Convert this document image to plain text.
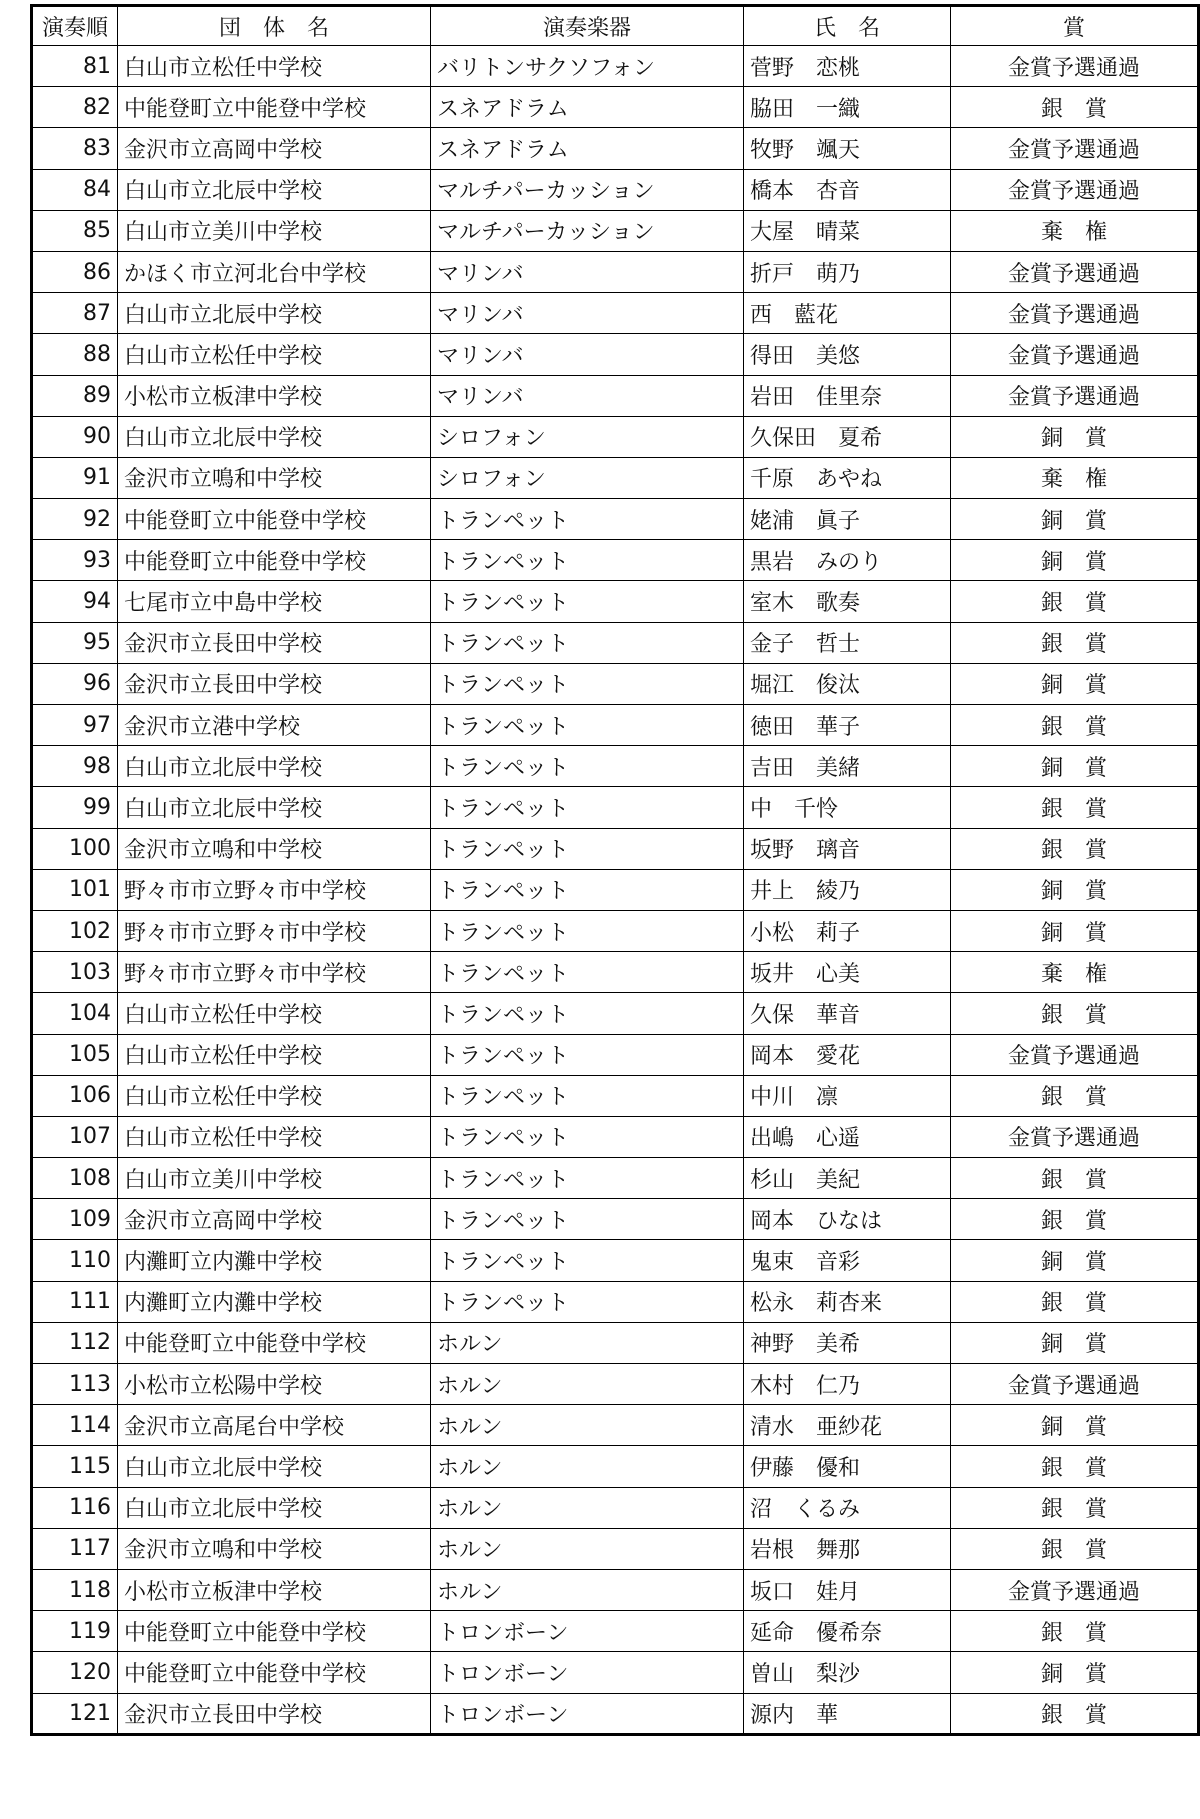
演奏順	団　体　名	演奏楽器	氏　名	賞
81	白山市立松任中学校	バリトンサクソフォン	菅野　恋桃	金賞予選通過
82	中能登町立中能登中学校	スネアドラム	脇田　一織	銀　賞
83	金沢市立高岡中学校	スネアドラム	牧野　颯天	金賞予選通過
84	白山市立北辰中学校	マルチパーカッション	橋本　杏音	金賞予選通過
85	白山市立美川中学校	マルチパーカッション	大屋　晴菜	棄　権
86	かほく市立河北台中学校	マリンバ	折戸　萌乃	金賞予選通過
87	白山市立北辰中学校	マリンバ	西　藍花	金賞予選通過
88	白山市立松任中学校	マリンバ	得田　美悠	金賞予選通過
89	小松市立板津中学校	マリンバ	岩田　佳里奈	金賞予選通過
90	白山市立北辰中学校	シロフォン	久保田　夏希	銅　賞
91	金沢市立鳴和中学校	シロフォン	千原　あやね	棄　権
92	中能登町立中能登中学校	トランペット	姥浦　眞子	銅　賞
93	中能登町立中能登中学校	トランペット	黒岩　みのり	銅　賞
94	七尾市立中島中学校	トランペット	室木　歌奏	銀　賞
95	金沢市立長田中学校	トランペット	金子　哲士	銀　賞
96	金沢市立長田中学校	トランペット	堀江　俊汰	銅　賞
97	金沢市立港中学校	トランペット	徳田　華子	銀　賞
98	白山市立北辰中学校	トランペット	吉田　美緒	銅　賞
99	白山市立北辰中学校	トランペット	中　千怜	銀　賞
100	金沢市立鳴和中学校	トランペット	坂野　璃音	銀　賞
101	野々市市立野々市中学校	トランペット	井上　綾乃	銅　賞
102	野々市市立野々市中学校	トランペット	小松　莉子	銅　賞
103	野々市市立野々市中学校	トランペット	坂井　心美	棄　権
104	白山市立松任中学校	トランペット	久保　華音	銀　賞
105	白山市立松任中学校	トランペット	岡本　愛花	金賞予選通過
106	白山市立松任中学校	トランペット	中川　凛	銀　賞
107	白山市立松任中学校	トランペット	出嶋　心遥	金賞予選通過
108	白山市立美川中学校	トランペット	杉山　美紀	銀　賞
109	金沢市立高岡中学校	トランペット	岡本　ひなは	銀　賞
110	内灘町立内灘中学校	トランペット	鬼束　音彩	銅　賞
111	内灘町立内灘中学校	トランペット	松永　莉杏来	銀　賞
112	中能登町立中能登中学校	ホルン	神野　美希	銅　賞
113	小松市立松陽中学校	ホルン	木村　仁乃	金賞予選通過
114	金沢市立高尾台中学校	ホルン	清水　亜紗花	銅　賞
115	白山市立北辰中学校	ホルン	伊藤　優和	銀　賞
116	白山市立北辰中学校	ホルン	沼　くるみ	銀　賞
117	金沢市立鳴和中学校	ホルン	岩根　舞那	銀　賞
118	小松市立板津中学校	ホルン	坂口　娃月	金賞予選通過
119	中能登町立中能登中学校	トロンボーン	延命　優希奈	銀　賞
120	中能登町立中能登中学校	トロンボーン	曽山　梨沙	銅　賞
121	金沢市立長田中学校	トロンボーン	源内　華	銀　賞
